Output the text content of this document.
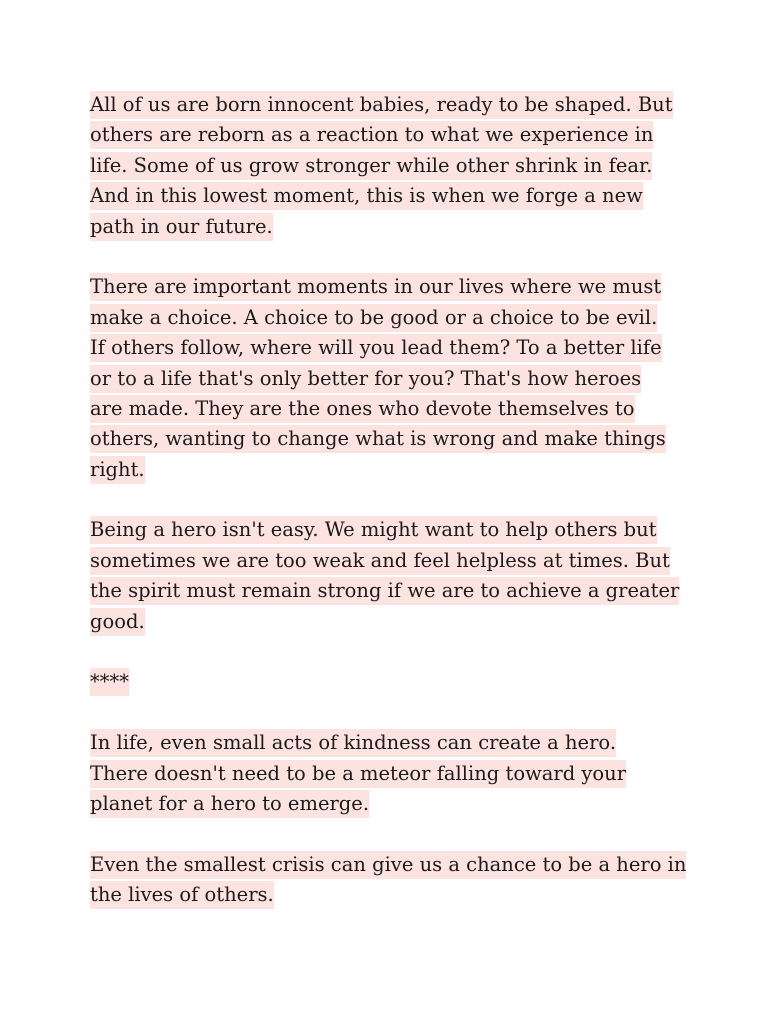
All of us are born innocent babies, ready to be shaped. But
others are reborn as a reaction to what we experience in
life. Some of us grow stronger while other shrink in fear.
And in this lowest moment, this is when we forge a new
path in our future.
There are important moments in our lives where we must
make a choice. A choice to be good or a choice to be evil.
If others follow, where will you lead them? To a better life
or to a life that's only better for you? That's how heroes
are made. They are the ones who devote themselves to
others, wanting to change what is wrong and make things
right.
Being a hero isn't easy. We might want to help others but
sometimes we are too weak and feel helpless at times. But
the spirit must remain strong if we are to achieve a greater
good.
****
In life, even small acts of kindness can create a hero.
There doesn't need to be a meteor falling toward your
planet for a hero to emerge.
Even the smallest crisis can give us a chance to be a hero in
the lives of others.
